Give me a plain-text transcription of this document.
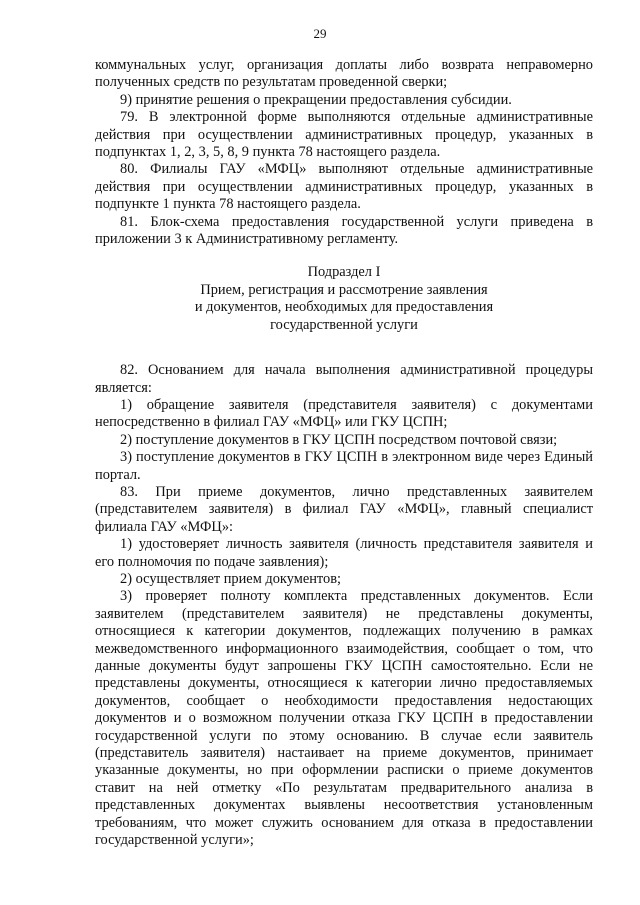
29

коммунальных услуг, организация доплаты либо возврата неправомерно полученных средств по результатам проведенной сверки;

9) принятие решения о прекращении предоставления субсидии.

79. В электронной форме выполняются отдельные административные действия при осуществлении административных процедур, указанных в подпунктах 1, 2, 3, 5, 8, 9 пункта 78 настоящего раздела.

80. Филиалы ГАУ «МФЦ» выполняют отдельные административные действия при осуществлении административных процедур, указанных в подпункте 1 пункта 78 настоящего раздела.

81. Блок-схема предоставления государственной услуги приведена в приложении 3 к Административному регламенту.

Подраздел I
Прием, регистрация и рассмотрение заявления
и документов, необходимых для предоставления
государственной услуги

82. Основанием для начала выполнения административной процедуры является:

1) обращение заявителя (представителя заявителя) с документами непосредственно в филиал ГАУ «МФЦ» или ГКУ ЦСПН;

2) поступление документов в ГКУ ЦСПН посредством почтовой связи;

3) поступление документов в ГКУ ЦСПН в электронном виде через Единый портал.

83. При приеме документов, лично представленных заявителем (представителем заявителя) в филиал ГАУ «МФЦ», главный специалист филиала ГАУ «МФЦ»:

1) удостоверяет личность заявителя (личность представителя заявителя и его полномочия по подаче заявления);

2) осуществляет прием документов;

3) проверяет полноту комплекта представленных документов. Если заявителем (представителем заявителя) не представлены документы, относящиеся к категории документов, подлежащих получению в рамках межведомственного информационного взаимодействия, сообщает о том, что данные документы будут запрошены ГКУ ЦСПН самостоятельно. Если не представлены документы, относящиеся к категории лично предоставляемых документов, сообщает о необходимости предоставления недостающих документов и о возможном получении отказа ГКУ ЦСПН в предоставлении государственной услуги по этому основанию. В случае если заявитель (представитель заявителя) настаивает на приеме документов, принимает указанные документы, но при оформлении расписки о приеме документов ставит на ней отметку «По результатам предварительного анализа в представленных документах выявлены несоответствия установленным требованиям, что может служить основанием для отказа в предоставлении государственной услуги»;
